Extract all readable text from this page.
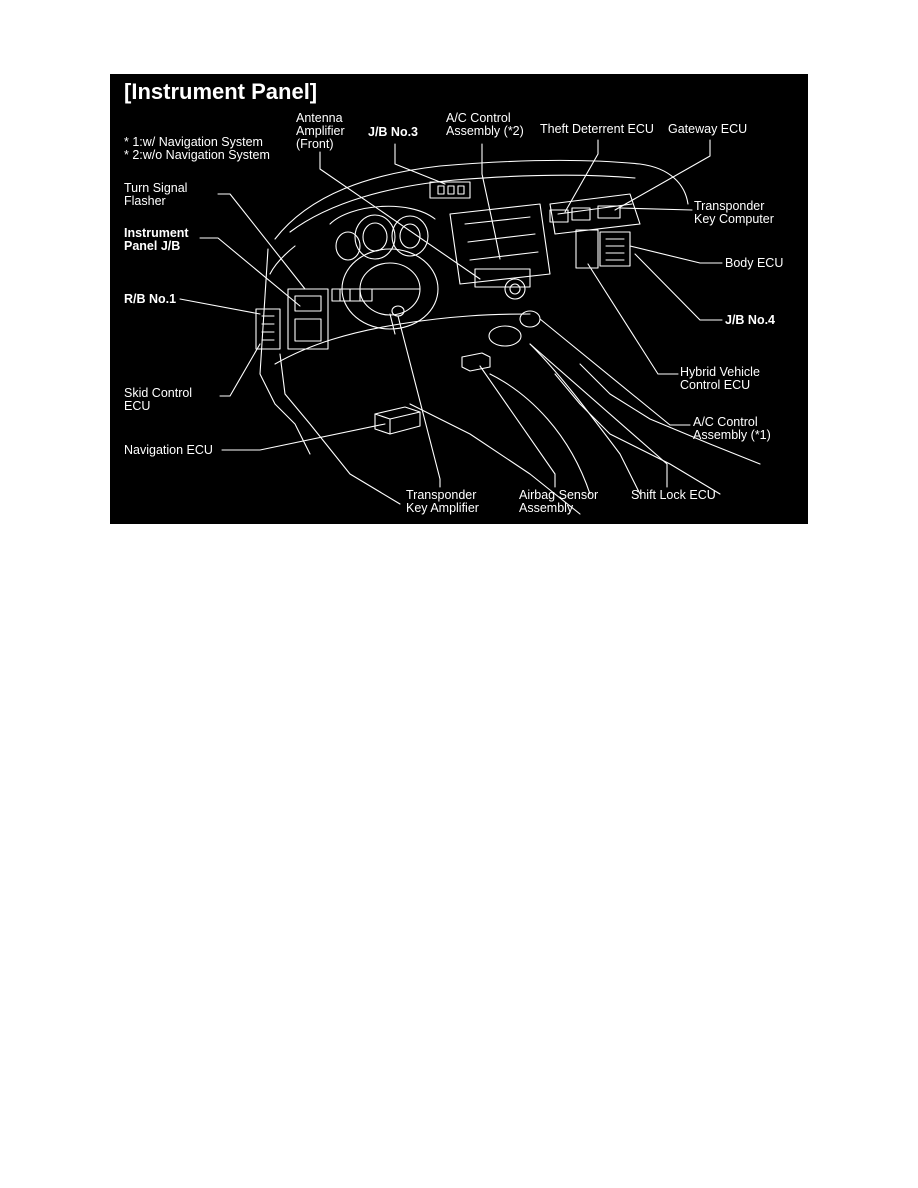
[Instrument Panel]
* 1:w/ Navigation System
* 2:w/o Navigation System
Antenna
Amplifier
(Front)
J/B No.3
A/C Control
Assembly (*2) Theft Deterrent ECU Gateway ECU
Turn Signal
Flasher	Transponder
Key Computer
Instrument
Panel J/B
Body ECU
R/B No.1
J/B No.4
Hybrid Vehicle
Control ECU
Skid Control
ECU
A/C Control
Assembly (*1)
Navigation ECU
Transponder
Key Amplifier
Airbag Sensor
Assembly
Shift Lock ECU
